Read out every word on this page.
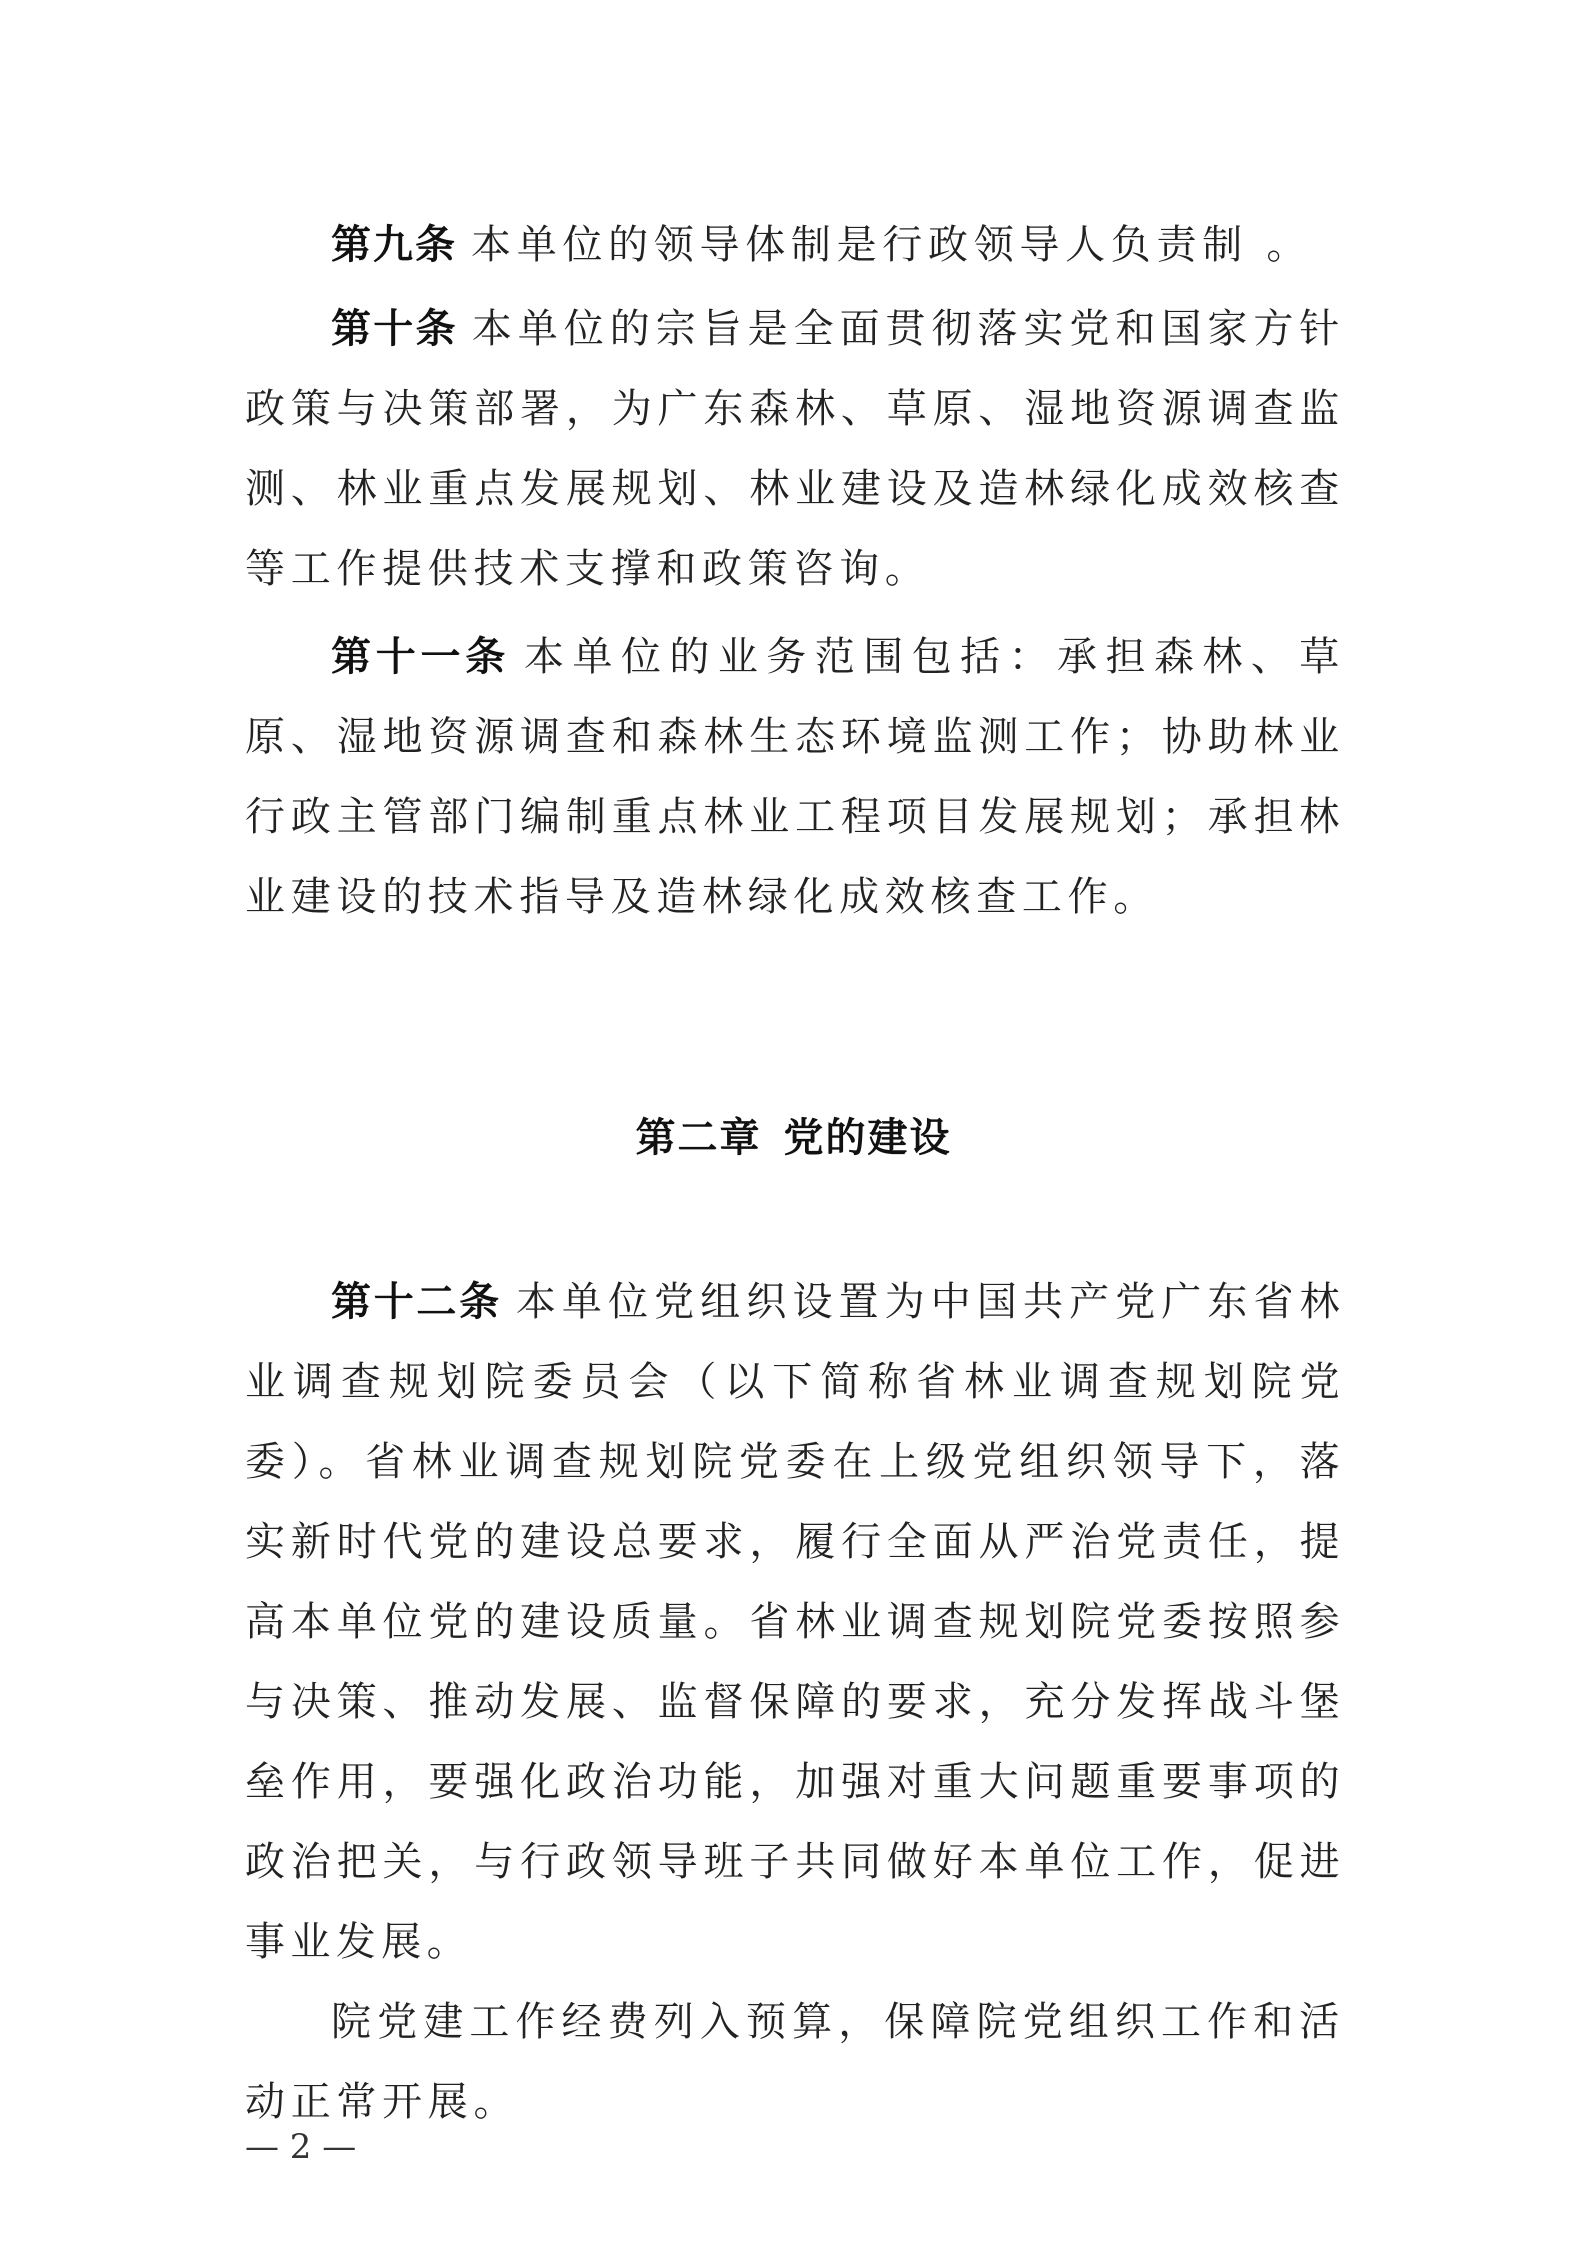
第九条 本单位的领导体制是行政领导人负责制 。

第十条 本单位的宗旨是全面贯彻落实党和国家方针政策与决策部署，为广东森林、草原、湿地资源调查监测、林业重点发展规划、林业建设及造林绿化成效核查等工作提供技术支撑和政策咨询。

第十一条 本单位的业务范围包括：承担森林、草原、湿地资源调查和森林生态环境监测工作；协助林业行政主管部门编制重点林业工程项目发展规划；承担林业建设的技术指导及造林绿化成效核查工作。

第二章 党的建设

第十二条 本单位党组织设置为中国共产党广东省林业调查规划院委员会（以下简称省林业调查规划院党委）。省林业调查规划院党委在上级党组织领导下，落实新时代党的建设总要求，履行全面从严治党责任，提高本单位党的建设质量。省林业调查规划院党委按照参与决策、推动发展、监督保障的要求，充分发挥战斗堡垒作用，要强化政治功能，加强对重大问题重要事项的政治把关，与行政领导班子共同做好本单位工作，促进事业发展。

院党建工作经费列入预算，保障院党组织工作和活动正常开展。

— 2 —
